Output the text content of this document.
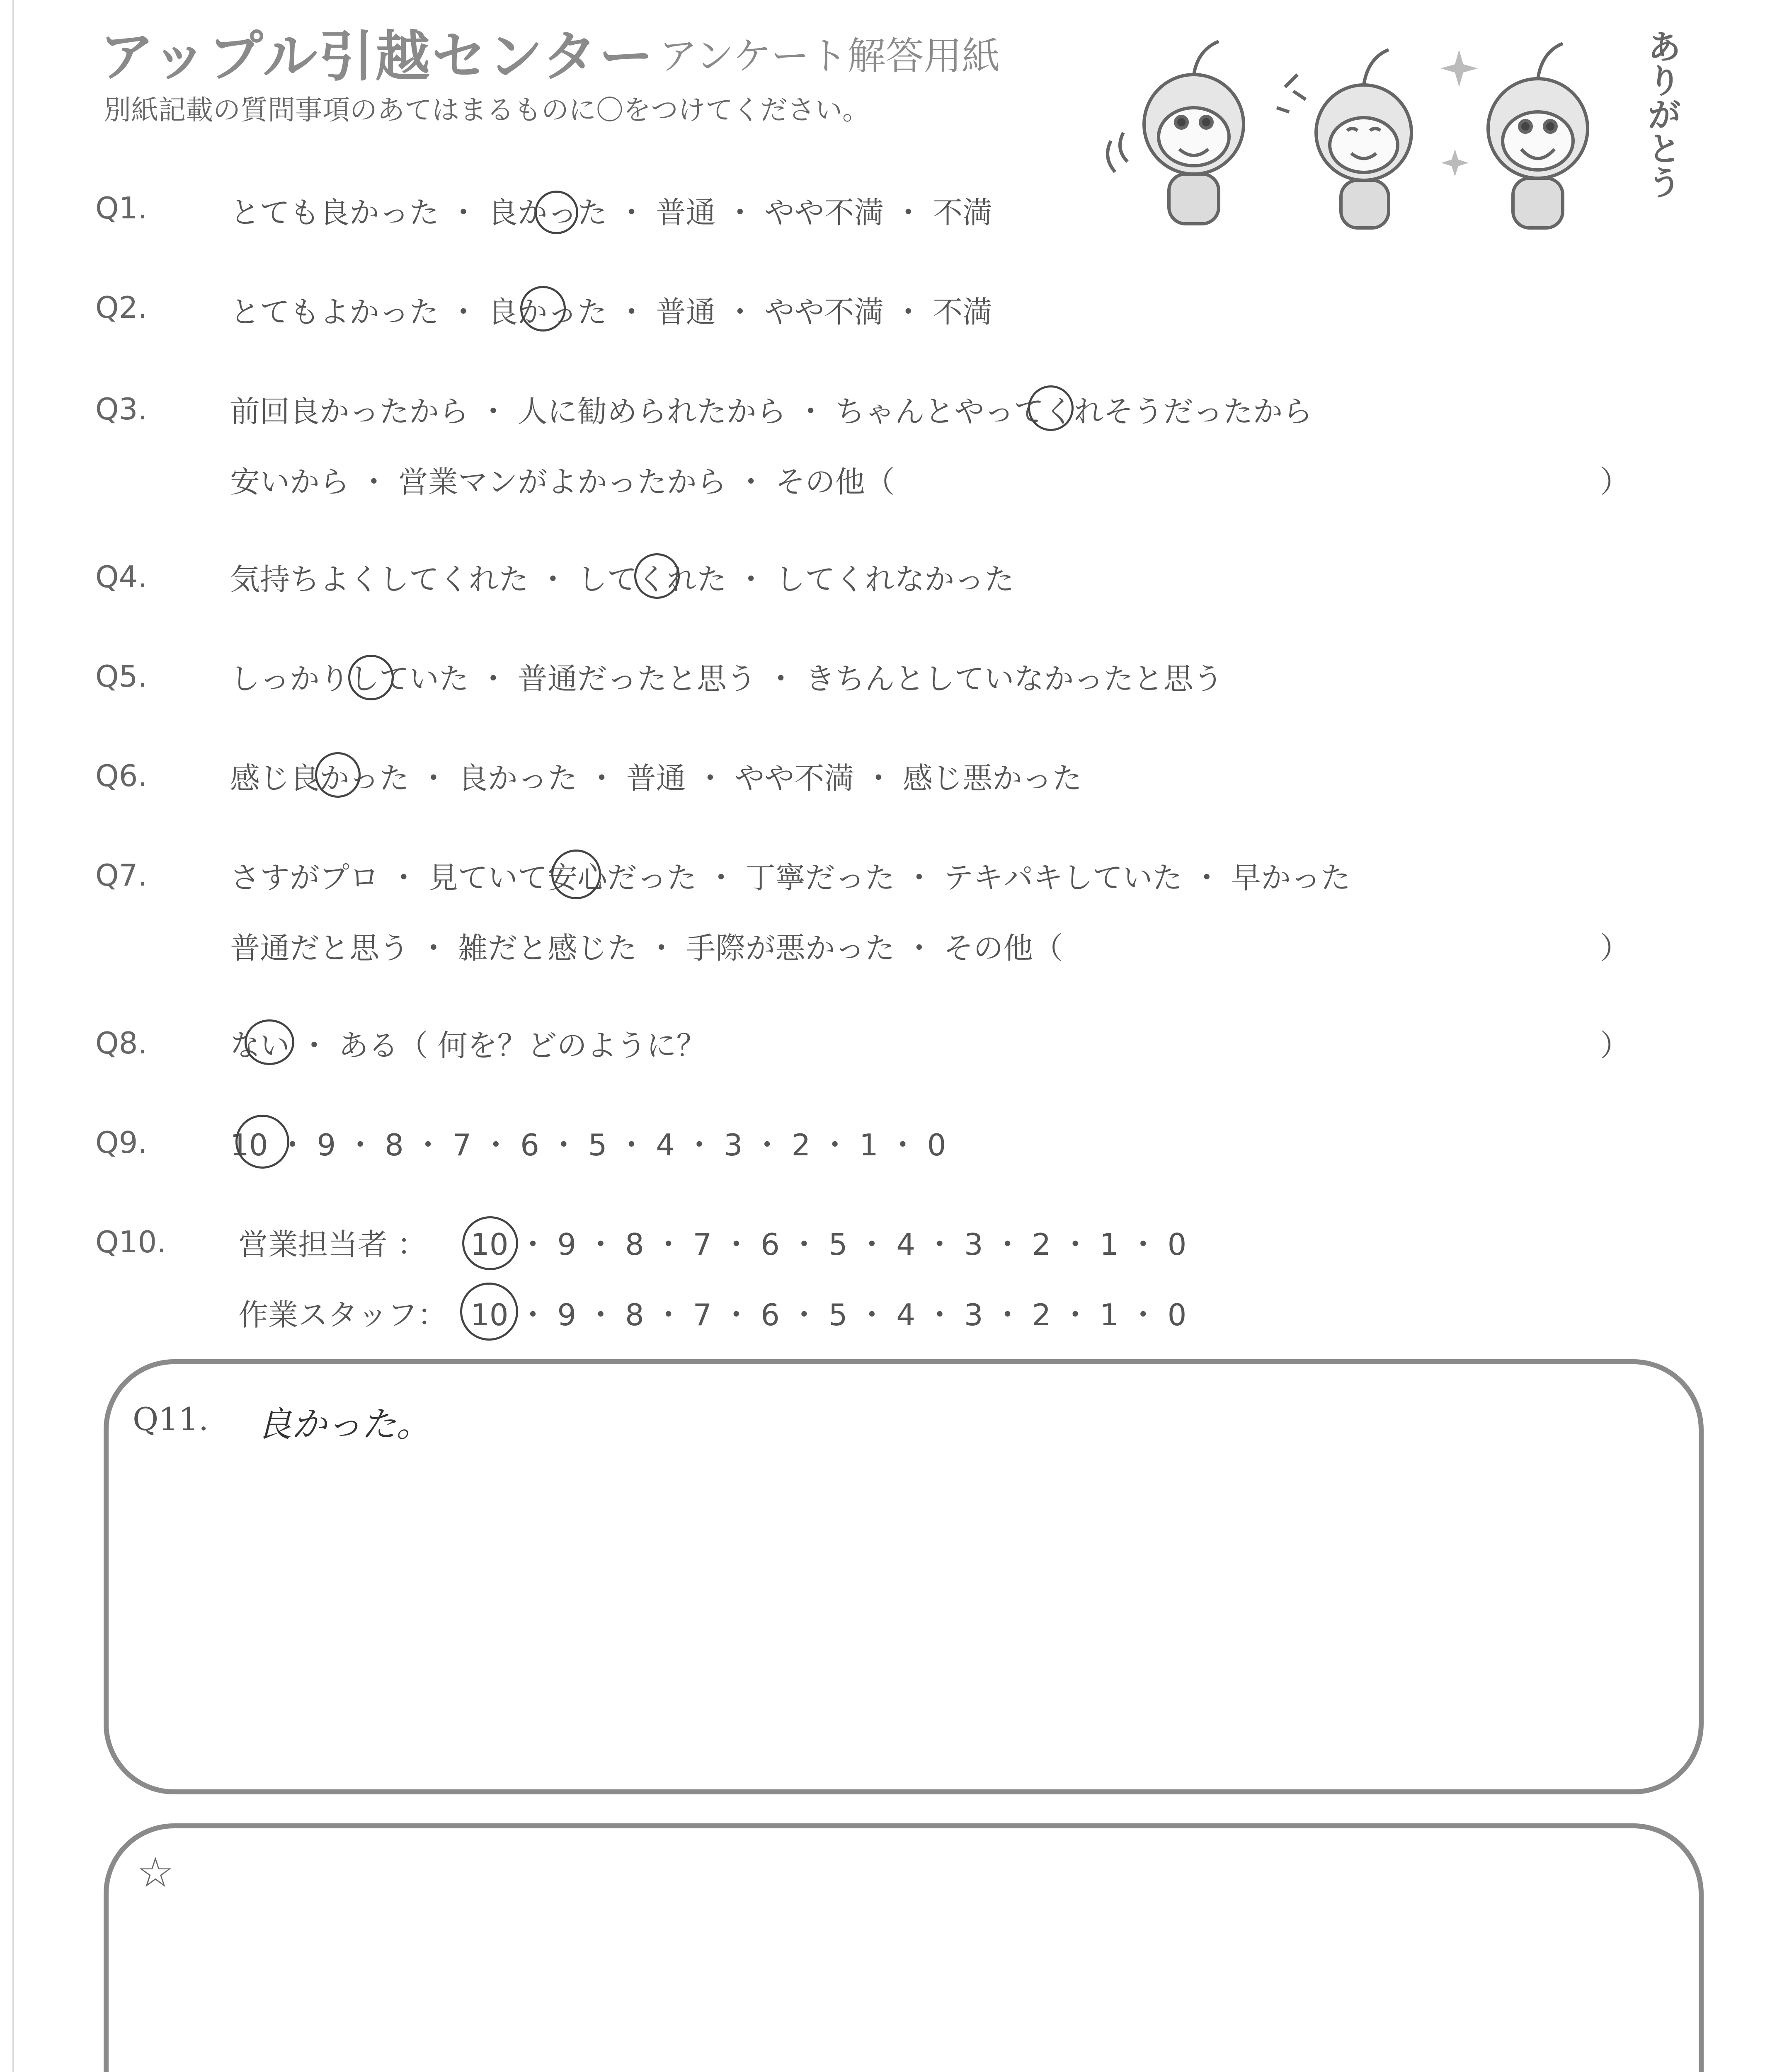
アップル引越センター アンケート解答用紙
別紙記載の質問事項のあてはまるものに〇をつけてください。	ありがとう
Q1.	とても良かった ・ 良かった ・ 普通 ・ やや不満 ・ 不満
Q2.	とてもよかった ・ 良かった ・ 普通 ・ やや不満 ・ 不満
Q3.	前回良かったから ・ 人に勧められたから ・ ちゃんとやってくれそうだったから
安いから ・ 営業マンがよかったから ・ その他（	）
Q4.	気持ちよくしてくれた ・ してくれた ・ してくれなかった
Q5.	しっかりしていた ・ 普通だったと思う ・ きちんとしていなかったと思う
Q6.	感じ良かった ・ 良かった ・ 普通 ・ やや不満 ・ 感じ悪かった
Q7.	さすがプロ ・ 見ていて安心だった ・ 丁寧だった ・ テキパキしていた ・ 早かった
普通だと思う ・ 雑だと感じた ・ 手際が悪かった ・ その他（	）
Q8.	ない ・ ある（ 何を？どのように？	）
Q9.	10 ・ 9 ・ 8 ・ 7 ・ 6 ・ 5 ・ 4 ・ 3 ・ 2 ・ 1 ・ 0
Q10. 営業担当者 ： 10 ・ 9 ・ 8 ・ 7 ・ 6 ・ 5 ・ 4 ・ 3 ・ 2 ・ 1 ・ 0
作業スタッフ： 10 ・ 9 ・ 8 ・ 7 ・ 6 ・ 5 ・ 4 ・ 3 ・ 2 ・ 1 ・ 0
Q11. 良かった。
☆
